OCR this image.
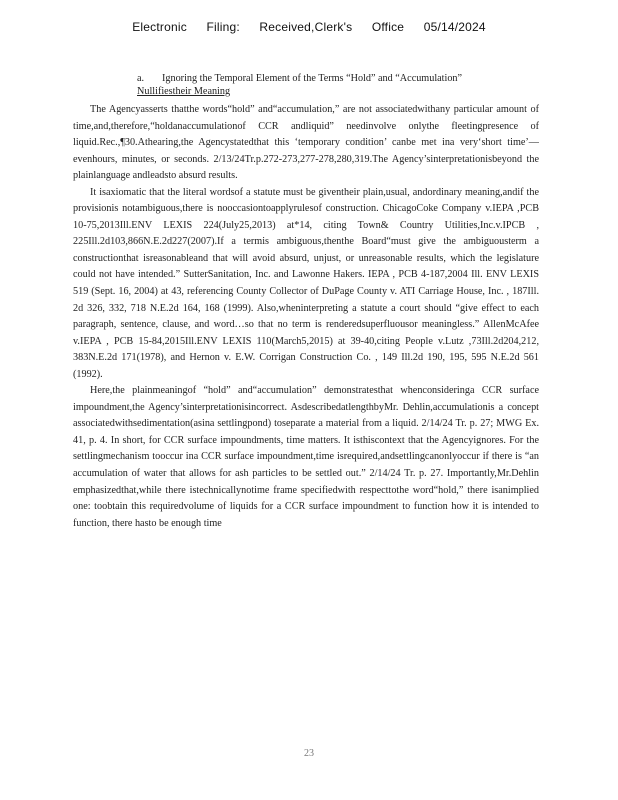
Electronic Filing: Received,Clerk's Office 05/14/2024
a. Ignoring the Temporal Element of the Terms “Hold” and “Accumulation”
Nullifiestheir Meaning

The Agencyasserts thatthe words“hold” and“accumulation,” are not associatedwithany particular amount of time,and,therefore,“holdanaccumulationof CCR andliquid” needinvolve onlythe fleetingpresence of liquid.Rec.,¶30.Athearing,the Agencystatedthat this ‘temporary condition’ canbe met ina very‘short time’—evenhours, minutes, or seconds. 2/13/24Tr.p.272-273,277-278,280,319.The Agency’sinterpretationisbeyond the plainlanguage andleadsto absurd results.

It isaxiomatic that the literal wordsof a statute must be giventheir plain,usual, andordinary meaning,andif the provisionis notambiguous,there is nooccasiontoapplyrulesof construction. ChicagoCoke Company v.IEPA ,PCB 10-75,2013Ill.ENV LEXIS 224(July25,2013) at*14, citing Town& Country Utilities,Inc.v.IPCB , 225Ill.2d103,866N.E.2d227(2007).If a termis ambiguous,thenthe Board“must give the ambiguousterm a constructionthat isreasonableand that will avoid absurd, unjust, or unreasonable results, which the legislature could not have intended.” SutterSanitation, Inc. and Lawonne Hakers. IEPA , PCB 4-187,2004 Ill. ENV LEXIS 519 (Sept. 16, 2004) at 43, referencing County Collector of DuPage County v. ATI Carriage House, Inc. , 187Ill. 2d 326, 332, 718 N.E.2d 164, 168 (1999). Also,wheninterpreting a statute a court should “give effect to each paragraph, sentence, clause, and word…so that no term is renderedsuperfluousor meaningless.” AllenMcAfee v.IEPA , PCB 15-84,2015Ill.ENV LEXIS 110(March5,2015) at 39-40,citing People v.Lutz ,73Ill.2d204,212, 383N.E.2d 171(1978), and Hernon v. E.W. Corrigan Construction Co. , 149 Ill.2d 190, 195, 595 N.E.2d 561 (1992).

Here,the plainmeaningof “hold” and“accumulation” demonstratesthat whenconsideringa CCR surface impoundment,the Agency’sinterpretationisincorrect. AsdescribedatlengthbyMr. Dehlin,accumulationis a concept associatedwithsedimentation(asina settlingpond) toseparate a material from a liquid. 2/14/24 Tr. p. 27; MWG Ex. 41, p. 4. In short, for CCR surface impoundments, time matters. It isthiscontext that the Agencyignores. For the settlingmechanism tooccur ina CCR surface impoundment,time isrequired,andsettlingcanonlyoccur if there is “an accumulation of water that allows for ash particles to be settled out.” 2/14/24 Tr. p. 27. Importantly,Mr.Dehlin emphasizedthat,while there istechnicallynotime frame specifiedwith respecttothe word“hold,” there isanimplied one: toobtain this requiredvolume of liquids for a CCR surface impoundment to function how it is intended to function, there hasto be enough time

23
